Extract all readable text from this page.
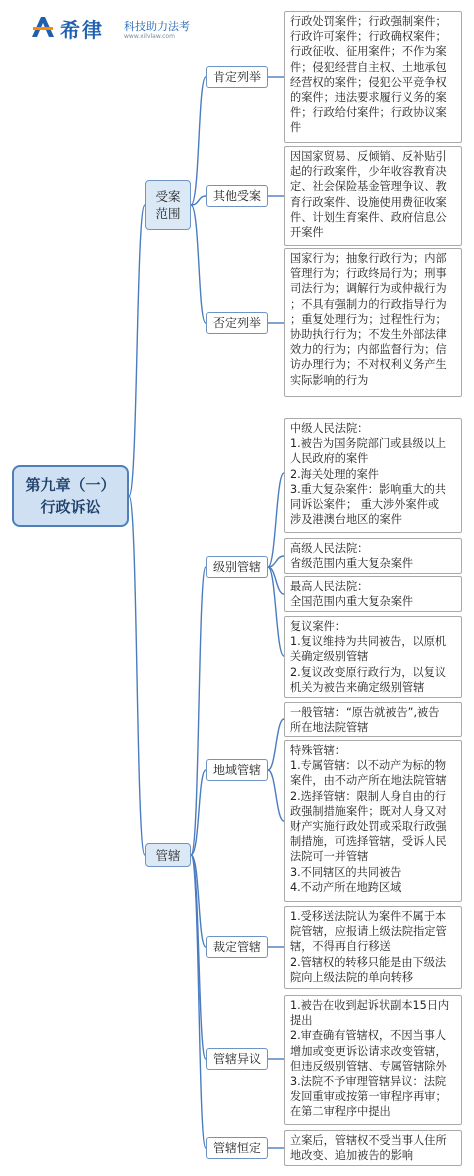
希律 科技助力法考
www.xilvlaw.com
第九章（一）
行政诉讼
受案
范围
管辖
肯定列举
其他受案
否定列举
级别管辖
地域管辖
裁定管辖
管辖异议
管辖恒定
行政处罚案件；行政强制案件；
行政许可案件；行政确权案件；
行政征收、征用案件；不作为案
件；侵犯经营自主权、土地承包
经营权的案件；侵犯公平竞争权
的案件；违法要求履行义务的案
件；行政给付案件；行政协议案
件
因国家贸易、反倾销、反补贴引
起的行政案件，少年收容教育决
定、社会保险基金管理争议、教
育行政案件、设施使用费征收案
件、计划生育案件、政府信息公
开案件
国家行为；抽象行政行为；内部
管理行为；行政终局行为；刑事
司法行为；调解行为或仲裁行为
；不具有强制力的行政指导行为
；重复处理行为；过程性行为；
协助执行行为；不发生外部法律
效力的行为；内部监督行为；信
访办理行为；不对权利义务产生
实际影响的行为
中级人民法院：
1.被告为国务院部门或县级以上
人民政府的案件
2.海关处理的案件
3.重大复杂案件：影响重大的共
同诉讼案件； 重大涉外案件或
涉及港澳台地区的案件
高级人民法院：
省级范围内重大复杂案件
最高人民法院：
全国范围内重大复杂案件
复议案件：
1.复议维持为共同被告，以原机
关确定级别管辖
2.复议改变原行政行为，以复议
机关为被告来确定级别管辖
一般管辖：“原告就被告”,被告
所在地法院管辖
特殊管辖：
1.专属管辖：以不动产为标的物
案件，由不动产所在地法院管辖
2.选择管辖：限制人身自由的行
政强制措施案件；既对人身又对
财产实施行政处罚或采取行政强
制措施，可选择管辖，受诉人民
法院可一并管辖
3.不同辖区的共同被告
4.不动产所在地跨区域
1.受移送法院认为案件不属于本
院管辖，应报请上级法院指定管
辖，不得再自行移送
2.管辖权的转移只能是由下级法
院向上级法院的单向转移
1.被告在收到起诉状副本15日内
提出
2.审查确有管辖权，不因当事人
增加或变更诉讼请求改变管辖，
但违反级别管辖、专属管辖除外
3.法院不予审理管辖异议：法院
发回重审或按第一审程序再审；
在第二审程序中提出
立案后，管辖权不受当事人住所
地改变、追加被告的影响
